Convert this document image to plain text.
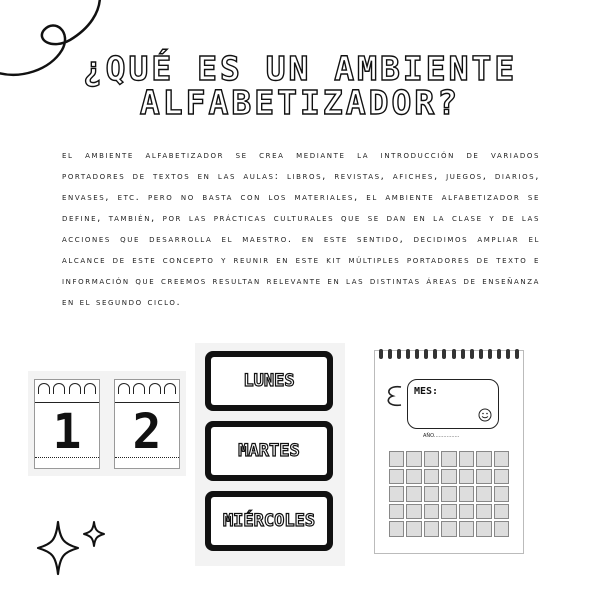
¿QUÉ ES UN AMBIENTE ALFABETIZADOR?
el ambiente alfabetizador se crea mediante la introducción de variados portadores de textos en las aulas: libros, revistas, afiches, juegos, diarios, envases, etc. pero no basta con los materiales, el ambiente alfabetizador se define, también, por las prácticas culturales que se dan en la clase y de las acciones que desarrolla el maestro. en este sentido, decidimos ampliar el alcance de este concepto y reunir en este kit múltiples portadores de texto e información que creemos resultan relevante en las distintas áreas de enseñanza en el segundo ciclo.
1	2
LUNES
MARTES
MIÉRCOLES
MES:
AÑO................
